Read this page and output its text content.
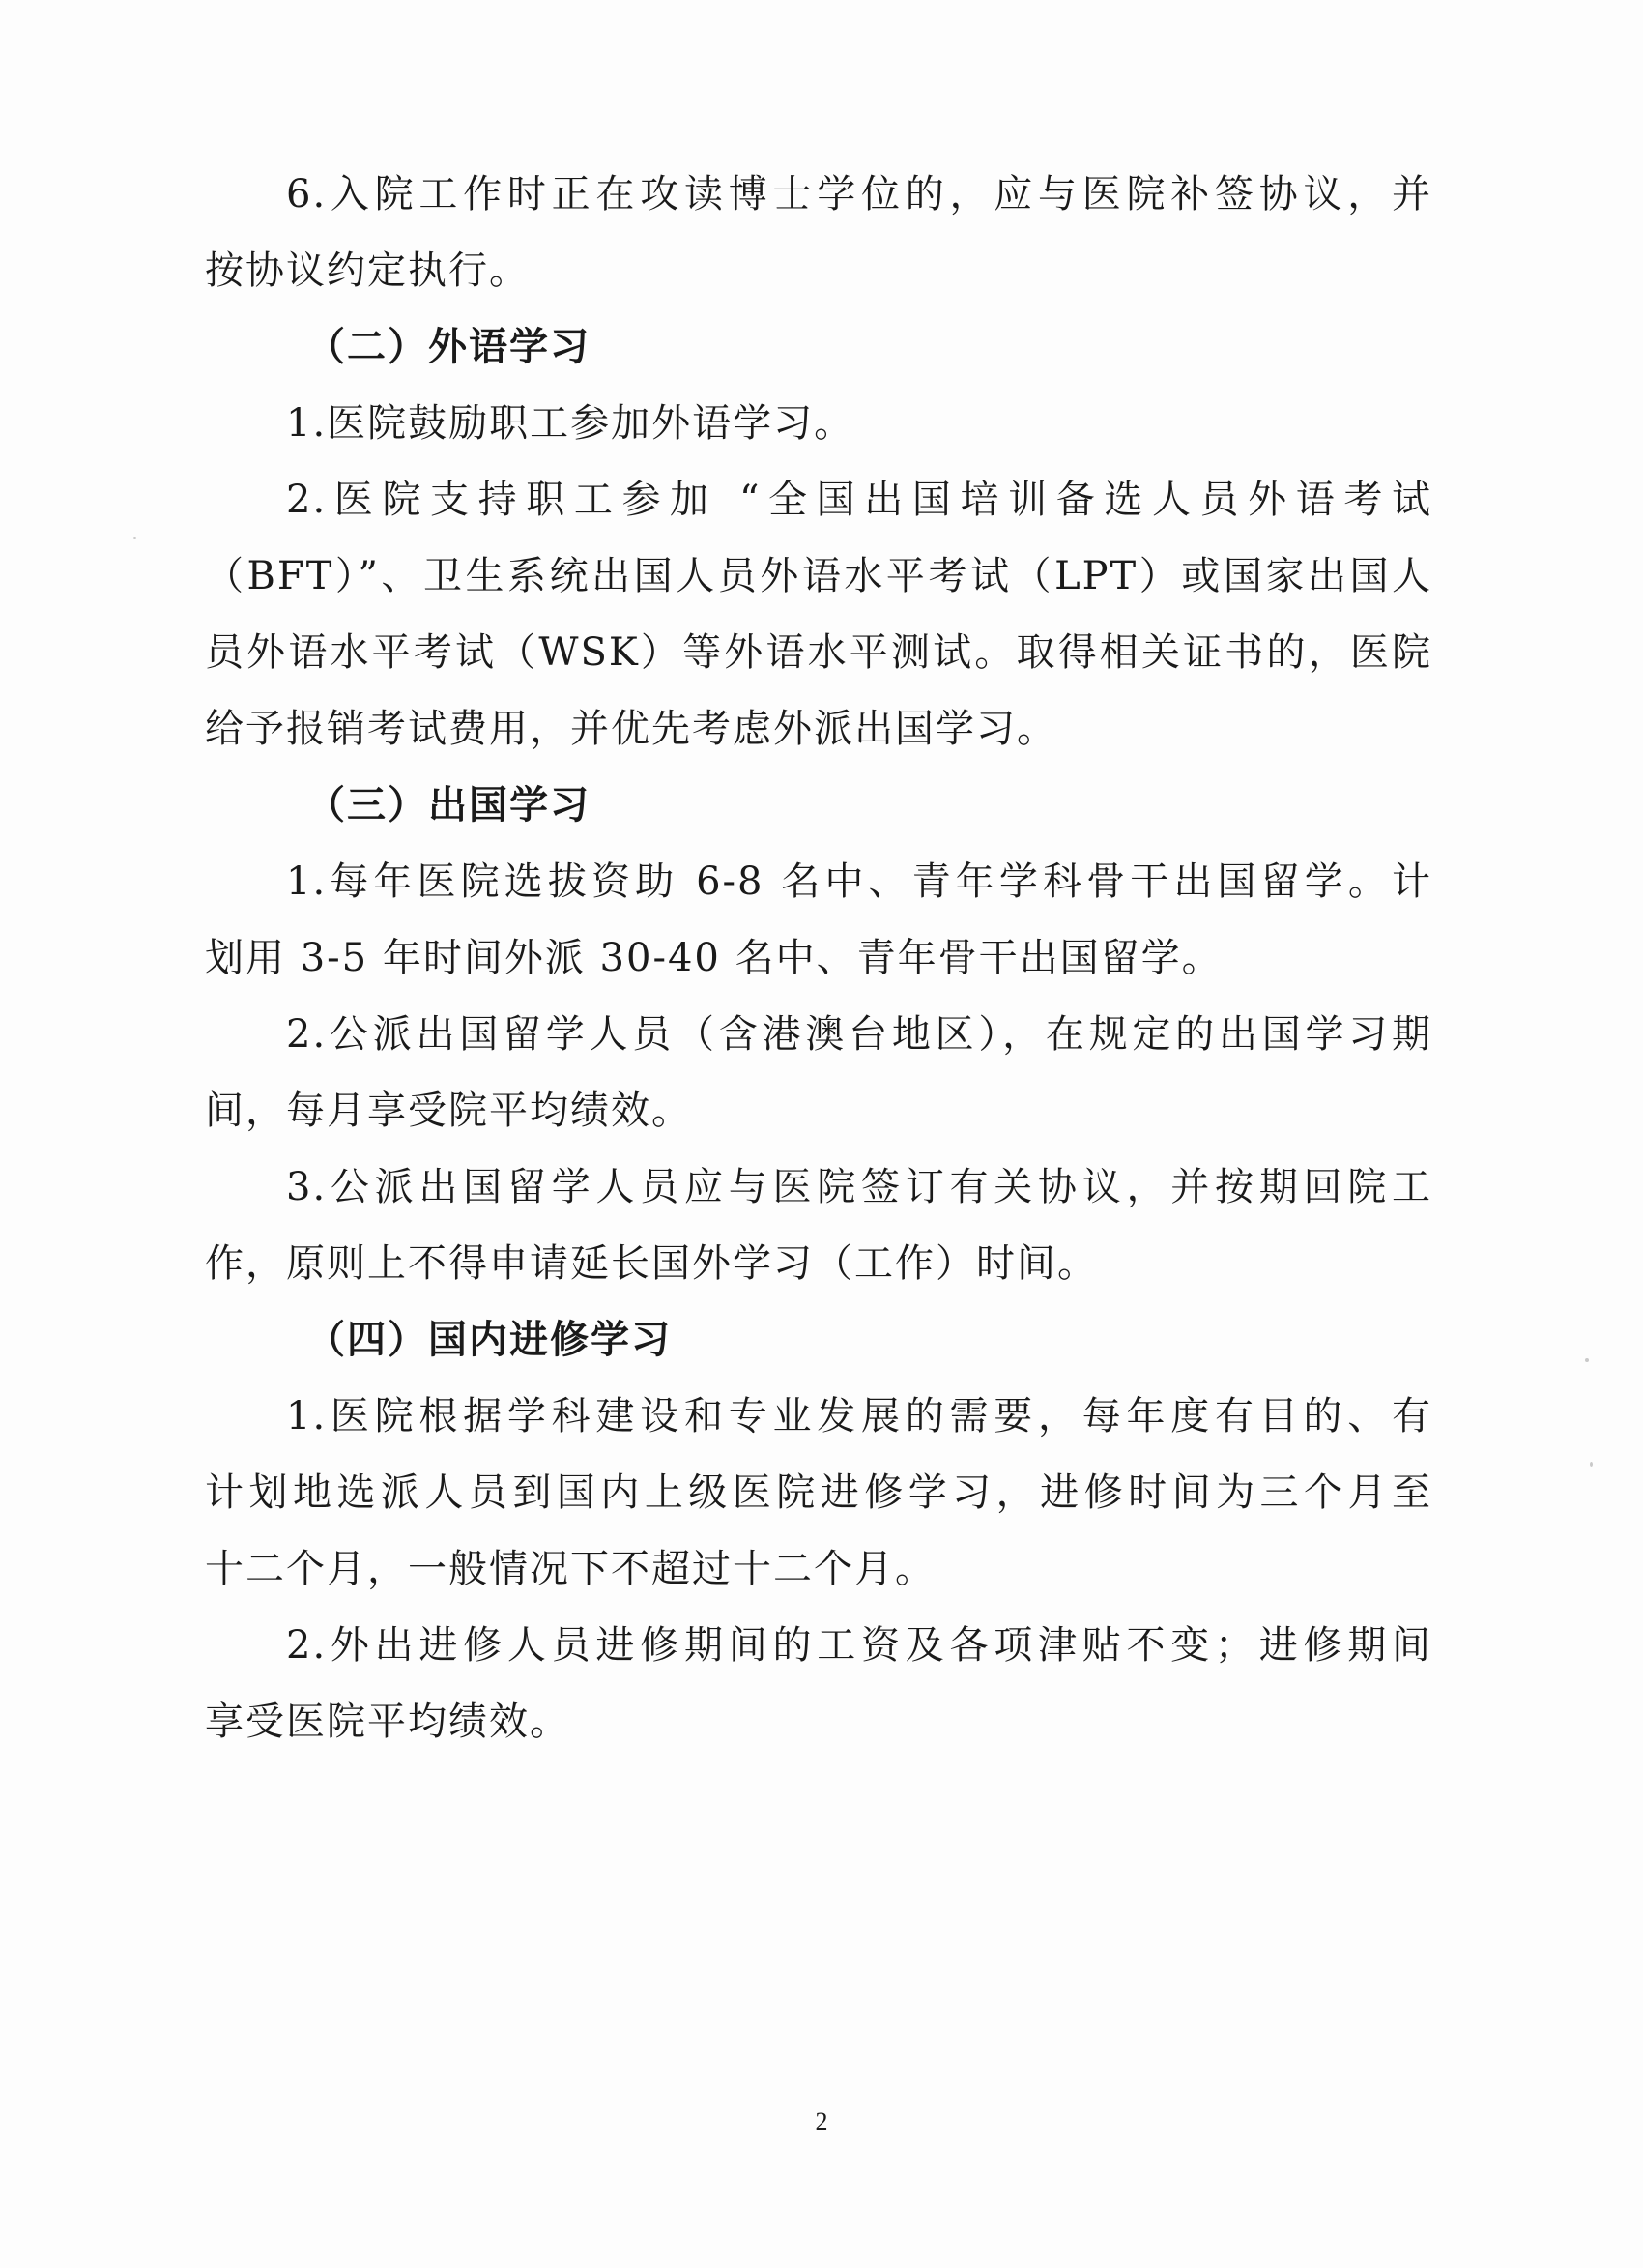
6.入院工作时正在攻读博士学位的，应与医院补签协议，并
按协议约定执行。
（二）外语学习
1.医院鼓励职工参加外语学习。
2.医院支持职工参加 “全国出国培训备选人员外语考试
（BFT）”、卫生系统出国人员外语水平考试（LPT）或国家出国人
员外语水平考试（WSK）等外语水平测试。取得相关证书的，医院
给予报销考试费用，并优先考虑外派出国学习。
（三）出国学习
1.每年医院选拔资助 6-8 名中、青年学科骨干出国留学。计
划用 3-5 年时间外派 30-40 名中、青年骨干出国留学。
2.公派出国留学人员（含港澳台地区），在规定的出国学习期
间，每月享受院平均绩效。
3.公派出国留学人员应与医院签订有关协议，并按期回院工
作，原则上不得申请延长国外学习（工作）时间。
（四）国内进修学习
1.医院根据学科建设和专业发展的需要，每年度有目的、有
计划地选派人员到国内上级医院进修学习，进修时间为三个月至
十二个月，一般情况下不超过十二个月。
2.外出进修人员进修期间的工资及各项津贴不变；进修期间
享受医院平均绩效。
2
